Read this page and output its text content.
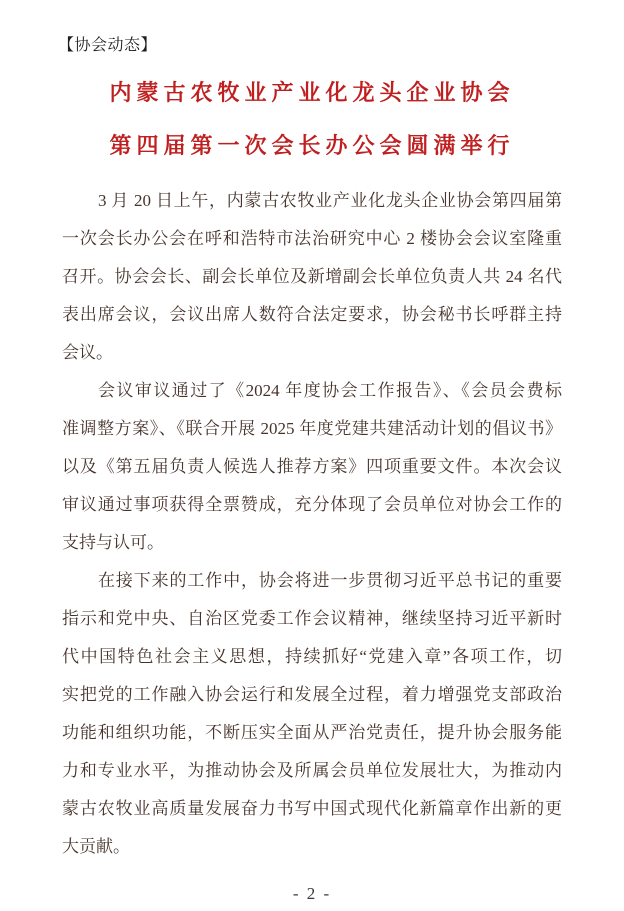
【协会动态】
内蒙古农牧业产业化龙头企业协会
第四届第一次会长办公会圆满举行
3 月 20 日上午，内蒙古农牧业产业化龙头企业协会第四届第
一次会长办公会在呼和浩特市法治研究中心 2 楼协会会议室隆重
召开。协会会长、副会长单位及新增副会长单位负责人共 24 名代
表出席会议，会议出席人数符合法定要求，协会秘书长呼群主持
会议。
会议审议通过了《2024 年度协会工作报告》、《会员会费标
准调整方案》、《联合开展 2025 年度党建共建活动计划的倡议书》
以及《第五届负责人候选人推荐方案》四项重要文件。本次会议
审议通过事项获得全票赞成，充分体现了会员单位对协会工作的
支持与认可。
在接下来的工作中，协会将进一步贯彻习近平总书记的重要
指示和党中央、自治区党委工作会议精神，继续坚持习近平新时
代中国特色社会主义思想，持续抓好“党建入章”各项工作，切
实把党的工作融入协会运行和发展全过程，着力增强党支部政治
功能和组织功能，不断压实全面从严治党责任，提升协会服务能
力和专业水平，为推动协会及所属会员单位发展壮大，为推动内
蒙古农牧业高质量发展奋力书写中国式现代化新篇章作出新的更
大贡献。
- 2 -
